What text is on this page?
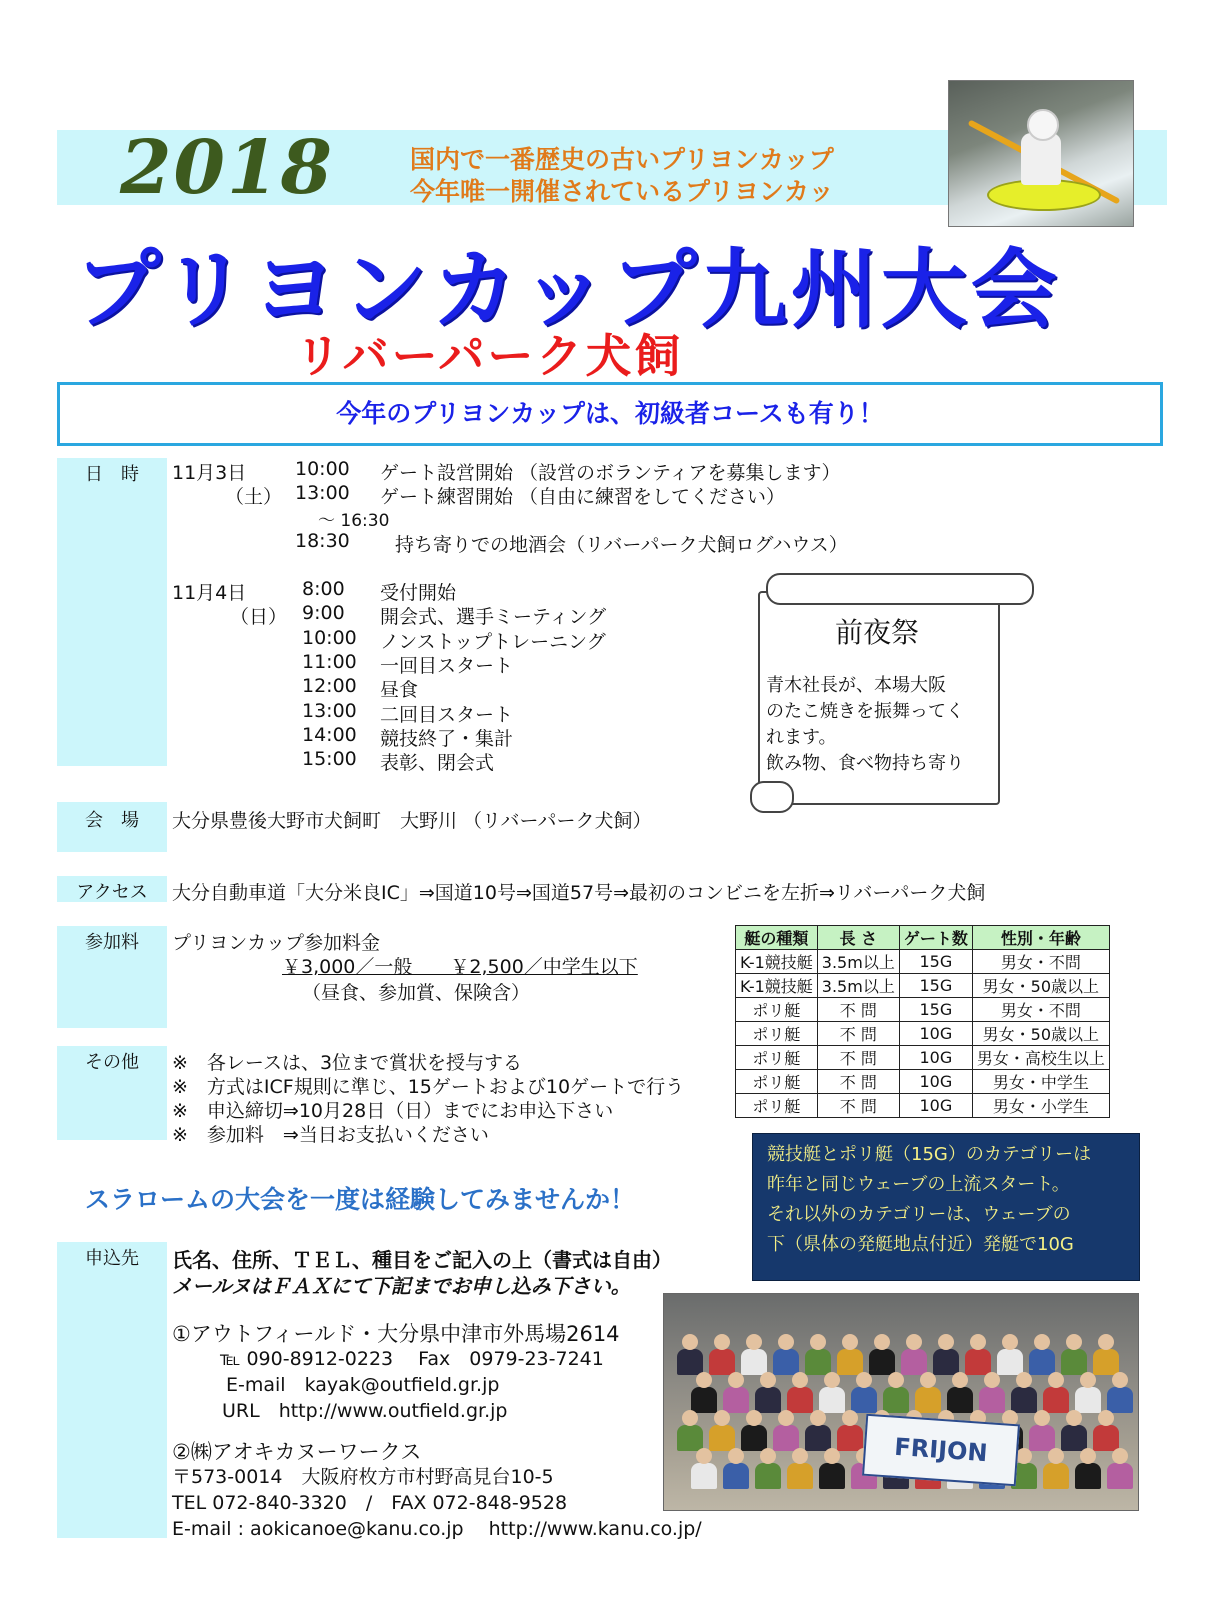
2018	国内で一番歴史の古いプリヨンカップ
今年唯一開催されているプリヨンカッ
プリヨンカップ九州大会
リバーパーク犬飼
今年のプリヨンカップは、初級者コースも有り！
日　時	11月3日
（土）
10:00 ゲート設営開始 （設営のボランティアを募集します）
13:00 ゲート練習開始 （自由に練習をしてください）
～ 16:30
18:30 持ち寄りでの地酒会（リバーパーク犬飼ログハウス）
11月4日
（日）
8:00 受付開始
9:00 開会式、選手ミーティング
10:00 ノンストップトレーニング
11:00 一回目スタート
12:00 昼食
13:00 二回目スタート
14:00 競技終了・集計
15:00 表彰、閉会式
前夜祭
青木社長が、本場大阪
のたこ焼きを振舞ってく
れます。
飲み物、食べ物持ち寄り
会　場	大分県豊後大野市犬飼町　大野川 （リバーパーク犬飼）
アクセス	大分自動車道「大分米良IC」⇒国道10号⇒国道57号⇒最初のコンビニを左折⇒リバーパーク犬飼
参加料	プリヨンカップ参加料金
￥3,000／一般　　￥2,500／中学生以下
（昼食、参加賞、保険含）
艇の種類	長 さ	ゲート数	性別・年齢
K-1競技艇	3.5m以上	15G	男女・不問
K-1競技艇	3.5m以上	15G	男女・50歳以上
ポリ艇	不 問	15G	男女・不問
ポリ艇	不 問	10G	男女・50歳以上
ポリ艇	不 問	10G	男女・高校生以上
ポリ艇	不 問	10G	男女・中学生
ポリ艇	不 問	10G	男女・小学生
その他	※　各レースは、3位まで賞状を授与する
※　方式はICF規則に準じ、15ゲートおよび10ゲートで行う
※　申込締切⇒10月28日（日）までにお申込下さい
※　参加料　⇒当日お支払いください
競技艇とポリ艇（15G）のカテゴリーは
昨年と同じウェーブの上流スタート。
それ以外のカテゴリーは、ウェーブの
下（県体の発艇地点付近）発艇で10G
スラロームの大会を一度は経験してみませんか！
申込先	氏名、住所、ＴＥＬ、種目をご記入の上（書式は自由）
メールヌはＦＡＸにて下記までお申し込み下さい。
①アウトフィールド・大分県中津市外馬場2614
℡ 090-8912-0223　 Fax　0979-23-7241
E-mail　kayak@outfield.gr.jp
URL　http://www.outfield.gr.jp
②㈱アオキカヌーワークス
〒573-0014　大阪府枚方市村野高見台10-5
TEL 072-840-3320　/　FAX 072-848-9528
E-mail : aokicanoe@kanu.co.jp　 http://www.kanu.co.jp/
FRIJON
